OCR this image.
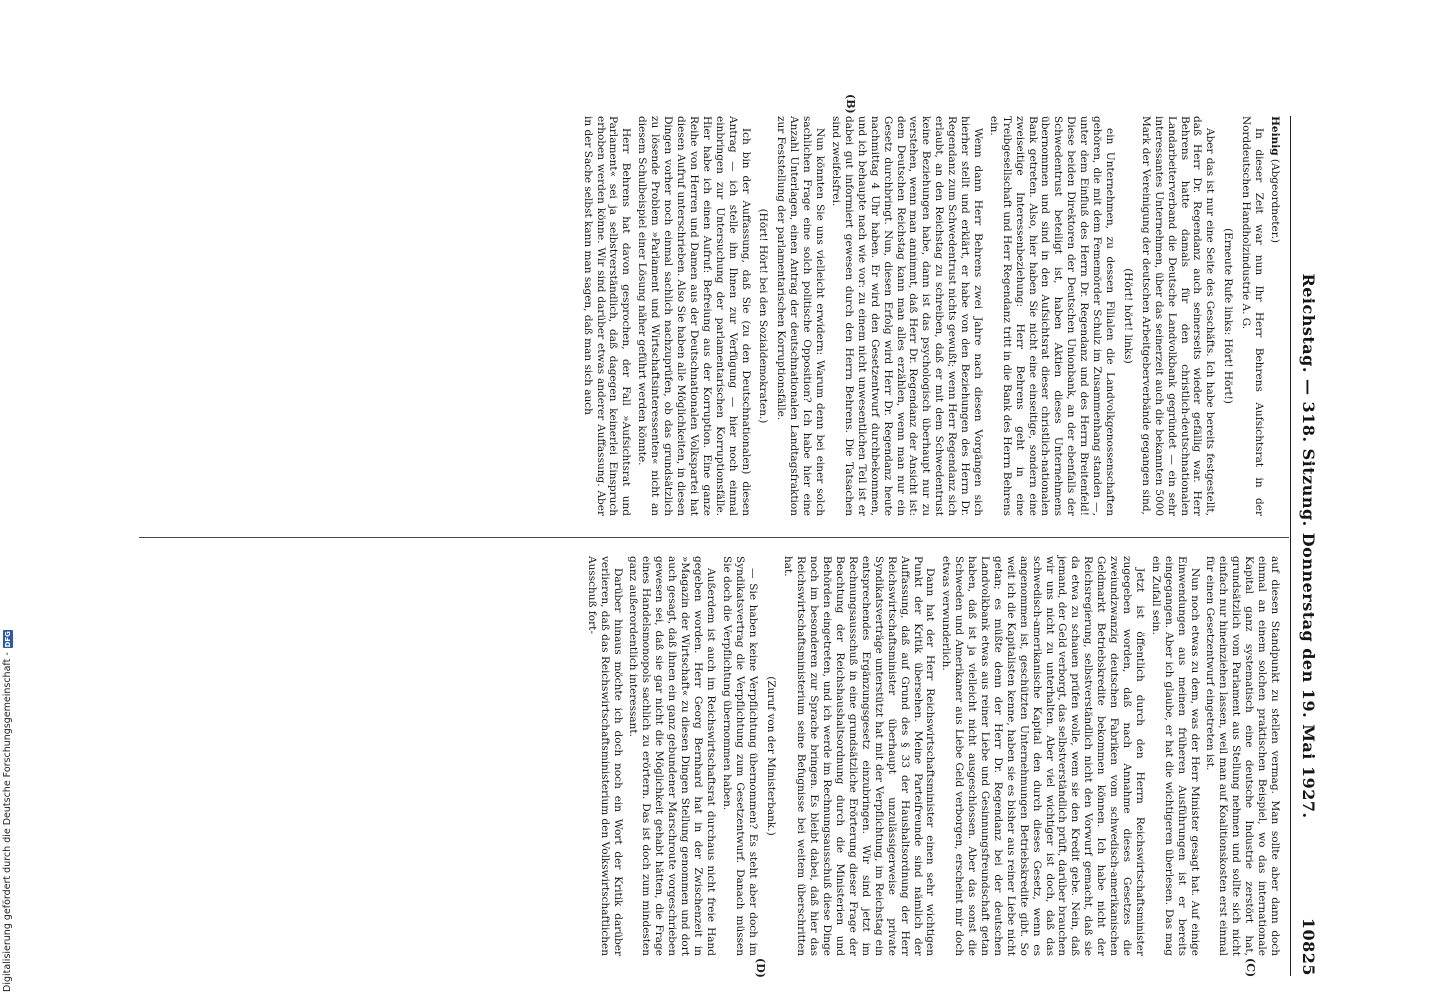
Digitalisierung gefördert durch die Deutsche Forschungsgemeinschaft -
DFG	Reichstag. — 318. Sitzung. Donnerstag den 19. Mai 1927.
10825
(B)
(C)
(D)

Heinig (Abgeordneter.)

In dieser Zeit war nun Ihr Herr Behrens Aufsichtsrat in der Norddeutschen Handholzindustrie A. G.

(Erneute Rufe links: Hört! Hört!)

Aber das ist nur eine Seite des Geschäfts. Ich habe bereits festgestellt, daß Herr Dr. Regendanz auch seinerseits wieder gefällig war. Herr Behrens hatte damals für den christlich-deutschnationalen Landarbeiterverband die Deutsche Landvolkbank gegründet — ein sehr interessantes Unternehmen, über das seinerzeit auch die bekannten 5000 Mark der Vereinigung der deutschen Arbeitgeberverbände gegangen sind,

(Hört! hört! links)

ein Unternehmen, zu dessen Filialen die Landvolkgenossenschaften gehören, die mit dem Fememörder Schulz im Zusammenhang standen —, unter dem Einfluß des Herrn Dr. Regendanz und des Herrn Breitenfeld! Diese beiden Direktoren der Deutschen Unionbank, an der ebenfalls der Schwedentrust beteiligt ist, haben Aktien dieses Unternehmens übernommen und sind in den Aufsichtsrat dieser christlich-nationalen Bank getreten. Also, hier haben Sie nicht eine einseitige, sondern eine zweiseitige Interessenbeziehung: Herr Behrens geht in eine Treibgesellschaft und Herr Regendanz tritt in die Bank des Herrn Behrens ein.

Wenn dann Herr Behrens zwei Jahre nach diesen Vorgängen sich hierher stellt und erklärt, er habe von den Beziehungen des Herrn Dr. Regendanz zum Schwedentrust nichts gewußt; wenn Herr Regendanz sich erlaubt, an den Reichstag zu schreiben, daß er mit dem Schwedentrust keine Beziehungen habe, dann ist das psychologisch überhaupt nur zu verstehen, wenn man annimmt, daß Herr Dr. Regendanz der Ansicht ist: dem Deutschen Reichstag kann man alles erzählen, wenn man nur ein Gesetz durchbringt. Nun, diesen Erfolg wird Herr Dr. Regendanz heute nachmittag 4 Uhr haben. Er wird den Gesetzentwurf durchbekommen, und ich behaupte nach wie vor: zu einem nicht unwesentlichen Teil ist er dabei gut informiert gewesen durch den Herrn Behrens. Die Tatsachen sind zweifelsfrei.

Nun könnten Sie uns vielleicht erwidern: Warum denn bei einer solch sachlichen Frage eine solch politische Opposition? Ich habe hier eine Anzahl Unterlagen, einen Antrag der deutschnationalen Landtagsfraktion zur Feststellung der parlamentarischen Korruptionsfälle.

(Hört! Hört! bei den Sozialdemokraten.)

Ich bin der Auffassung, daß Sie (zu den Deutschnationalen) diesen Antrag — ich stelle ihn Ihnen zur Verfügung — hier noch einmal einbringen zur Untersuchung der parlamentarischen Korruptionsfälle. Hier habe ich einen Aufruf: Befreiung aus der Korruption. Eine ganze Reihe von Herren und Damen aus der Deutschnationalen Volkspartei hat diesen Aufruf unterschrieben. Also Sie haben alle Möglichkeiten, in diesen Dingen vorher noch einmal sachlich nachzuprüfen, ob das grundsätzlich zu lösende Problem »Parlament und Wirtschaftsinteressenten« nicht an diesem Schulbeispiel einer Lösung näher geführt werden könnte.

Herr Behrens hat davon gesprochen, der Fall »Aufsichtsrat und Parlament« sei ja selbstverständlich, daß dagegen keinerlei Einspruch erhoben werden könne. Wir sind darüber etwas anderer Auffassung. Aber in der Sache selbst kann man sagen, daß man sich auch

auf diesen Standpunkt zu stellen vermag. Man sollte aber dann doch einmal an einem solchen praktischen Beispiel, wo das internationale Kapital ganz systematisch eine deutsche Industrie zerstört hat, grundsätzlich vom Parlament aus Stellung nehmen und sollte sich nicht einfach nur hineinziehen lassen, weil man auf Koalitionskosten erst einmal für einen Gesetzentwurf eingetreten ist.

Nun noch etwas zu dem, was der Herr Minister gesagt hat. Auf einige Einwendungen aus meinen früheren Ausführungen ist er bereits eingegangen. Aber ich glaube, er hat die wichtigeren überlesen. Das mag ein Zufall sein.

Jetzt ist öffentlich durch den Herrn Reichswirtschaftsminister zugegeben worden, daß nach Annahme dieses Gesetzes die zweiundzwanzig deutschen Fabriken vom schwedisch-amerikanischen Geldmarkt Betriebskredite bekommen können. Ich habe nicht der Reichsregierung, selbstverständlich nicht den Vorwurf gemacht, daß sie da etwa zu schauen prüfen wolle, wem sie den Kredit gebe. Nein, daß jemand, der Geld verborgt, das selbstverständlich prüft, darüber brauchen wir uns nicht zu unterhalten. Aber viel wichtiger ist doch, daß das schwedisch-amerikanische Kapital den durch dieses Gesetz, wenn es angenommen ist, geschützten Unternehmungen Betriebskredite gibt. So weit ich die Kapitalisten kenne, haben sie es bisher aus reiner Liebe nicht getan; es müßte denn der Herr Dr. Regendanz bei der deutschen Landvolkbank etwas aus reiner Liebe und Gesinnungsfreundschaft getan haben, daß ist ja vielleicht nicht ausgeschlossen. Aber das sonst die Schweden und Amerikaner aus Liebe Geld verborgen, erscheint mir doch etwas verwunderlich.

Dann hat der Herr Reichswirtschaftsminister einen sehr wichtigen Punkt der Kritik übersehen. Meine Parteifreunde sind nämlich der Auffassung, daß auf Grund des § 33 der Haushaltsordnung der Herr Reichswirtschaftsminister überhaupt unzulässigerweise private Syndikatsverträge unterstützt hat mit der Verpflichtung, im Reichstag ein entsprechendes Ergänzungsgesetz einzubringen. Wir sind jetzt im Rechnungsausschuß in eine grundsätzliche Erörterung dieser Frage der Beachtung der Reichshaushaltsordnung durch die Ministerien und Behörden eingetreten, und ich werde im Rechnungsausschuß diese Dinge noch im besonderen zur Sprache bringen. Es bleibt dabei, daß hier das Reichswirtschaftsministerium seine Befugnisse bei weitem überschritten hat.

(Zuruf von der Ministerbank.)

— Sie haben keine Verpflichtung übernommen? Es steht aber doch im Syndikatsvertrag die Verpflichtung zum Gesetzentwurf. Danach müssen Sie doch die Verpflichtung übernommen haben.

Außerdem ist auch im Reichswirtschaftsrat durchaus nicht freie Hand gegeben worden. Herr Georg Bernhard hat in der Zwischenzeit in »Magazin der Wirtschaft« zu diesen Dingen Stellung genommen und dort auch gesagt, daß ihnen ein ganz gebundener Marschroute vorgeschrieben gewesen sei, daß sie gar nicht die Möglichkeit gehabt hätten, die Frage eines Handelsmonopols sachlich zu erörtern. Das ist doch zum mindesten ganz außerordentlich interessant.

Darüber hinaus möchte ich doch noch ein Wort der Kritik darüber verlieren, daß das Reichswirtschaftsministerium den Volkswirtschaftlichen Ausschuß fort-
